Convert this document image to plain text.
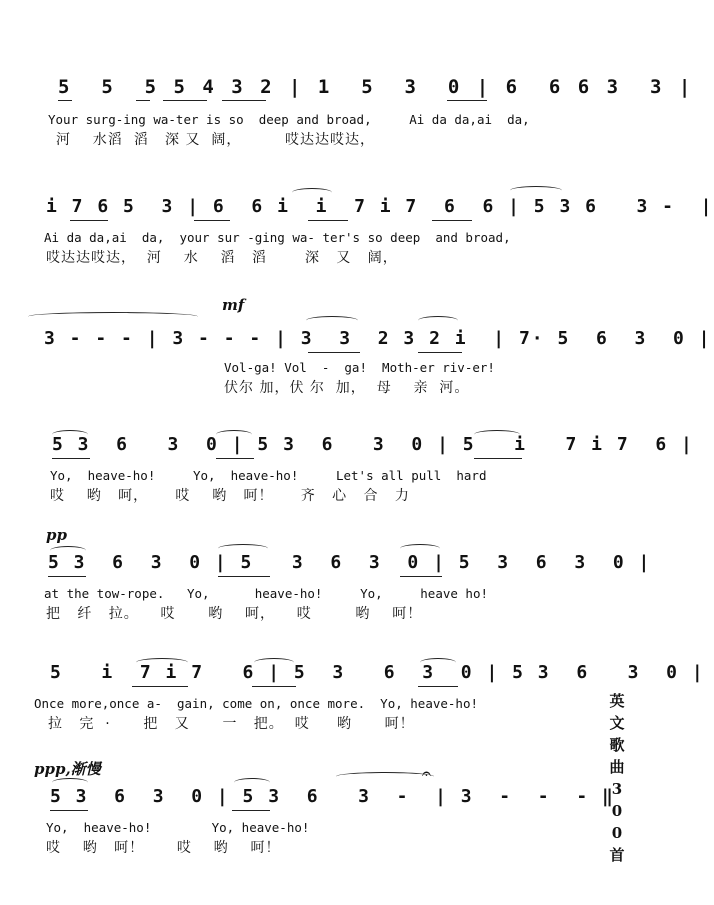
5  5  5 5 4 3 2 | 1  5  3  0 | 6  6 6 3  3 |
Your surg-ing wa-ter is so  deep and broad,     Ai da da,ai  da,
河    水滔  滔   深 又  阔，        哎达达哎达，
i 7 6 5  3 | 6  6 i  i  7 i 7  6  6 | 5 3 6   3 -  |
Ai da da,ai  da,  your sur -ging wa- ter's so deep  and broad,
哎达达哎达，  河    水    滔   滔       深   又   阔，
mf
3 - - - | 3 - - - | 3  3  2 3 2 i  | 7· 5  6  3  0 |
Vol-ga! Vol  -  ga!  Moth-er riv-er!
伏尔 加，伏 尔  加，  母    亲  河。
5 3  6   3  0 | 5 3  6   3  0 | 5   i   7 i 7  6 |
Yo,  heave-ho!     Yo,  heave-ho!     Let's all pull  hard
哎    哟   呵，     哎    哟   呵！     齐   心   合   力
pp
5 3  6  3  0 | 5   3  6  3  0 | 5  3  6  3  0 |
at the tow-rope.   Yo,      heave-ho!     Yo,     heave ho!
把   纤   拉。    哎      哟    呵，    哎        哟    呵！
5   i  7 i 7   6 | 5  3   6  3  0 | 5 3  6   3  0 |
Once more,once a-  gain, come on, once more.  Yo, heave-ho!
拉   完  ·      把   又      一   把。  哎     哟      呵！
ppp,渐慢	𝄐
5 3  6  3  0 | 5 3  6   3  -  | 3  -  -  - ‖
Yo,  heave-ho!        Yo, heave-ho!
哎    哟   呵！      哎    哟    呵！
英文歌曲300首
